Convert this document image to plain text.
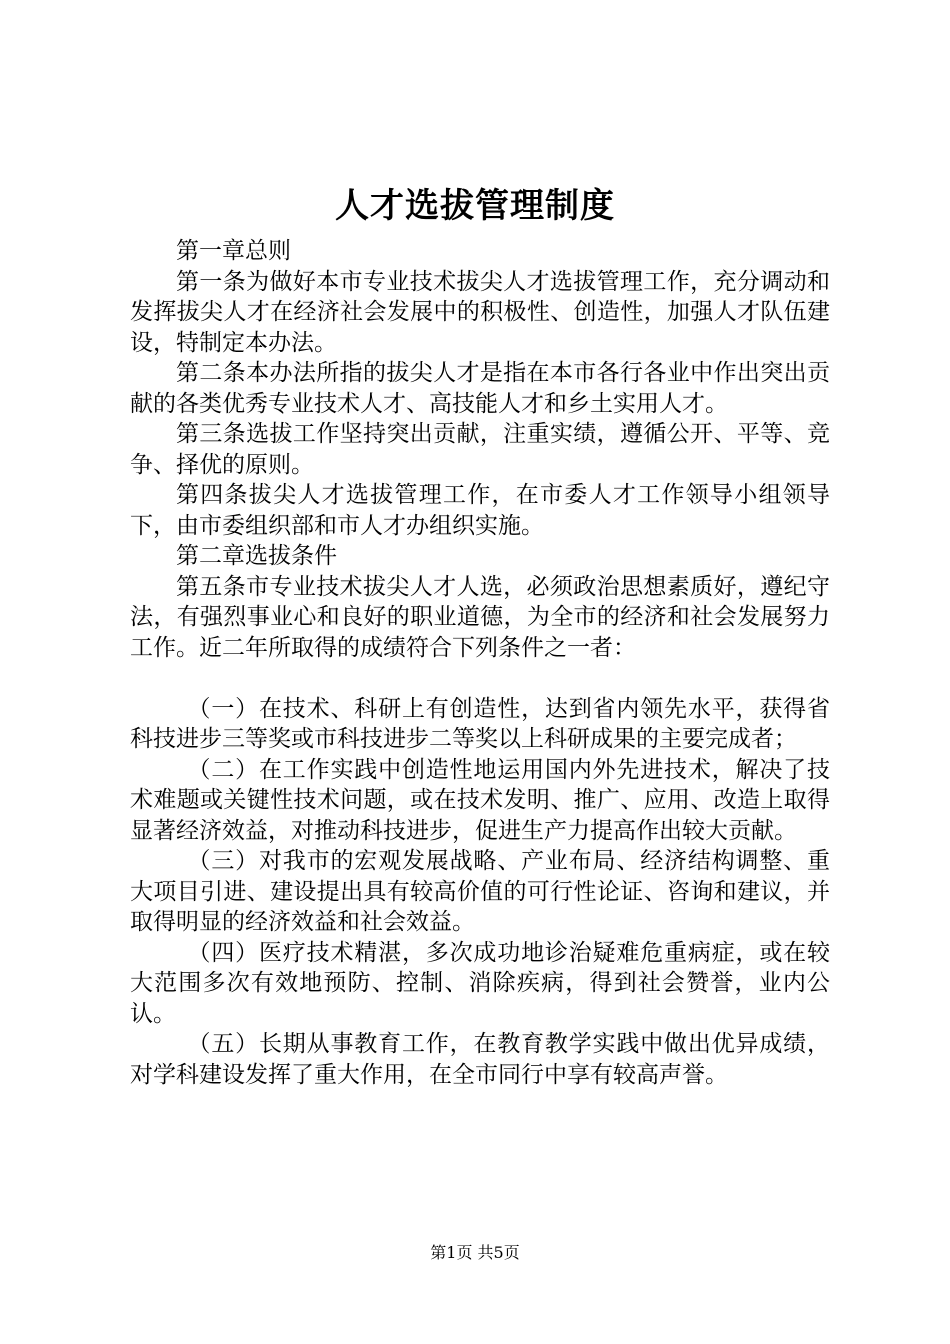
人才选拔管理制度

第一章总则

第一条为做好本市专业技术拔尖人才选拔管理工作，充分调动和发挥拔尖人才在经济社会发展中的积极性、创造性，加强人才队伍建设，特制定本办法。

第二条本办法所指的拔尖人才是指在本市各行各业中作出突出贡献的各类优秀专业技术人才、高技能人才和乡土实用人才。

第三条选拔工作坚持突出贡献，注重实绩，遵循公开、平等、竞争、择优的原则。

第四条拔尖人才选拔管理工作，在市委人才工作领导小组领导下，由市委组织部和市人才办组织实施。

第二章选拔条件

第五条市专业技术拔尖人才人选，必须政治思想素质好，遵纪守法，有强烈事业心和良好的职业道德，为全市的经济和社会发展努力工作。近二年所取得的成绩符合下列条件之一者：

（一）在技术、科研上有创造性，达到省内领先水平，获得省科技进步三等奖或市科技进步二等奖以上科研成果的主要完成者；

（二）在工作实践中创造性地运用国内外先进技术，解决了技术难题或关键性技术问题，或在技术发明、推广、应用、改造上取得显著经济效益，对推动科技进步，促进生产力提高作出较大贡献。

（三）对我市的宏观发展战略、产业布局、经济结构调整、重大项目引进、建设提出具有较高价值的可行性论证、咨询和建议，并取得明显的经济效益和社会效益。

（四）医疗技术精湛，多次成功地诊治疑难危重病症，或在较大范围多次有效地预防、控制、消除疾病，得到社会赞誉，业内公认。

（五）长期从事教育工作，在教育教学实践中做出优异成绩，对学科建设发挥了重大作用，在全市同行中享有较高声誉。

第1页 共5页
